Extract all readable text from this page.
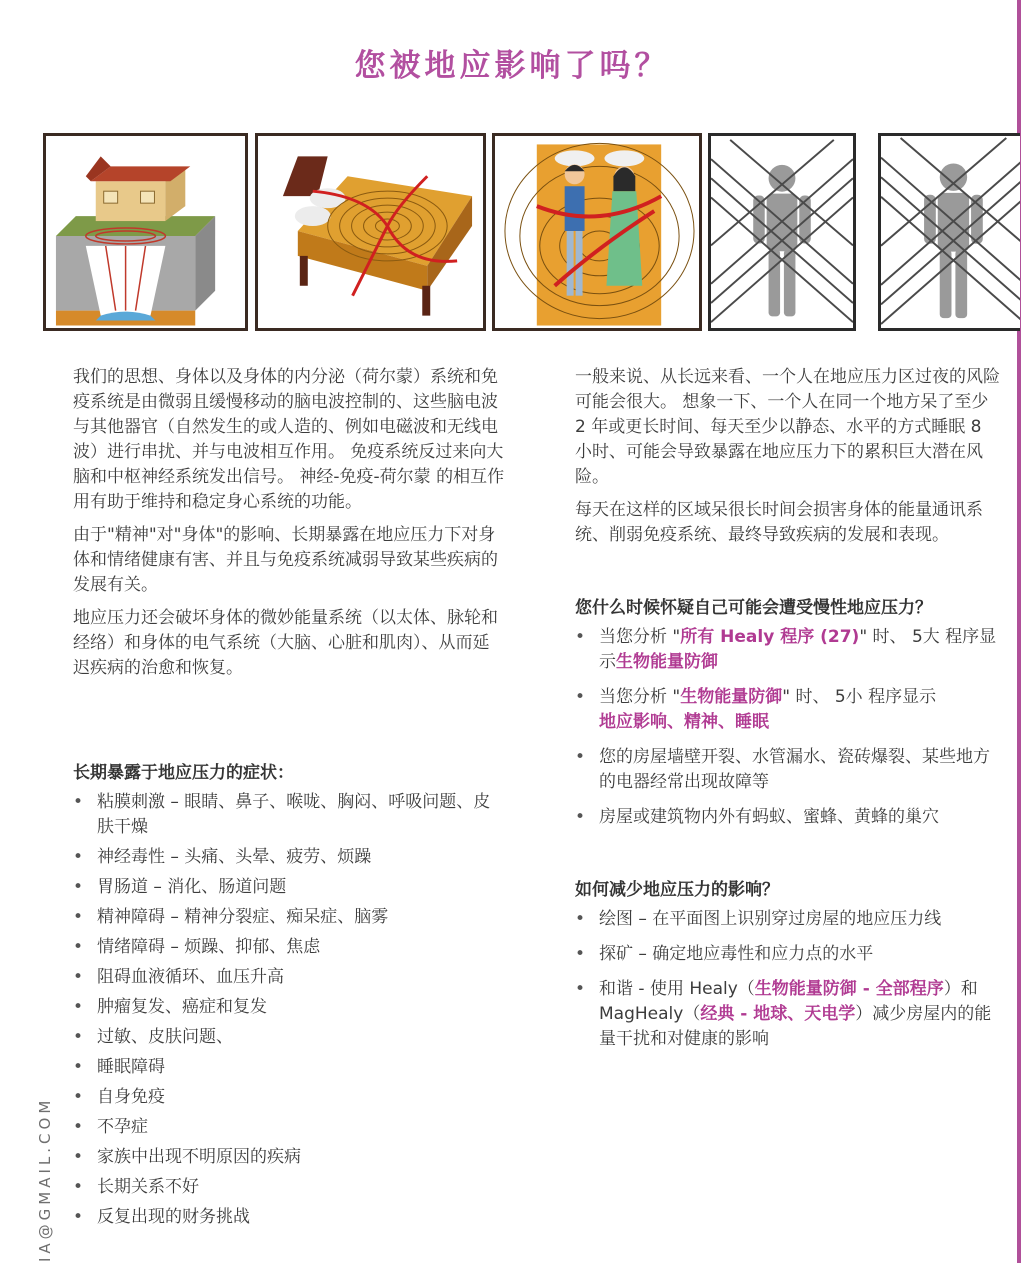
您被地应影响了吗？

我们的思想、身体以及身体的内分泌（荷尔蒙）系统和免疫系统是由微弱且缓慢移动的脑电波控制的、这些脑电波与其他器官（自然发生的或人造的、例如电磁波和无线电波）进行串扰、并与电波相互作用。 免疫系统反过来向大脑和中枢神经系统发出信号。 神经-免疫-荷尔蒙 的相互作用有助于维持和稳定身心系统的功能。

由于"精神"对"身体"的影响、长期暴露在地应压力下对身体和情绪健康有害、并且与免疫系统减弱导致某些疾病的发展有关。

地应压力还会破坏身体的微妙能量系统（以太体、脉轮和经络）和身体的电气系统（大脑、心脏和肌肉）、从而延迟疾病的治愈和恢复。

长期暴露于地应压力的症状：
• 粘膜刺激 – 眼睛、鼻子、喉咙、胸闷、呼吸问题、皮肤干燥
• 神经毒性 – 头痛、头晕、疲劳、烦躁
• 胃肠道 – 消化、肠道问题
• 精神障碍 – 精神分裂症、痴呆症、脑雾
• 情绪障碍 – 烦躁、抑郁、焦虑
• 阻碍血液循环、血压升高
• 肿瘤复发、癌症和复发
• 过敏、皮肤问题、
• 睡眠障碍
• 自身免疫
• 不孕症
• 家族中出现不明原因的疾病
• 长期关系不好
• 反复出现的财务挑战

一般来说、从长远来看、一个人在地应压力区过夜的风险可能会很大。 想象一下、一个人在同一个地方呆了至少 2 年或更长时间、每天至少以静态、水平的方式睡眠 8 小时、可能会导致暴露在地应压力下的累积巨大潜在风险。

每天在这样的区域呆很长时间会损害身体的能量通讯系统、削弱免疫系统、最终导致疾病的发展和表现。

您什么时候怀疑自己可能会遭受慢性地应压力？
• 当您分析 "所有 Healy 程序 (27)" 时、 5大 程序显示生物能量防御
• 当您分析 "生物能量防御" 时、 5小 程序显示
地应影响、精神、睡眠
• 您的房屋墙壁开裂、水管漏水、瓷砖爆裂、某些地方的电器经常出现故障等
• 房屋或建筑物内外有蚂蚁、蜜蜂、黄蜂的巢穴
如何减少地应压力的影响？
• 绘图 – 在平面图上识别穿过房屋的地应压力线
• 探矿 – 确定地应毒性和应力点的水平
• 和谐 - 使用 Healy（生物能量防御 - 全部程序）和 MagHealy（经典 - 地球、天电学）减少房屋内的能量干扰和对健康的影响
IA@GMAIL.COM
